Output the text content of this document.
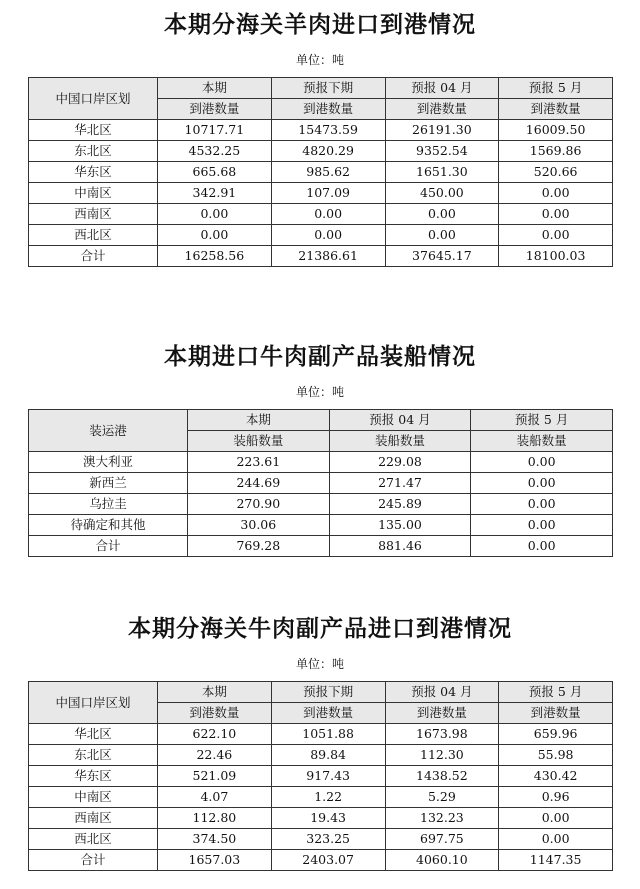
本期分海关羊肉进口到港情况
单位：吨
中国口岸区划	本期	预报下期	预报 04 月	预报 5 月
	到港数量	到港数量	到港数量	到港数量
华北区	10717.71	15473.59	26191.30	16009.50
东北区	4532.25	4820.29	9352.54	1569.86
华东区	665.68	985.62	1651.30	520.66
中南区	342.91	107.09	450.00	0.00
西南区	0.00	0.00	0.00	0.00
西北区	0.00	0.00	0.00	0.00
合计	16258.56	21386.61	37645.17	18100.03
本期进口牛肉副产品装船情况
单位：吨
装运港	本期	预报 04 月	预报 5 月
	装船数量	装船数量	装船数量
澳大利亚	223.61	229.08	0.00
新西兰	244.69	271.47	0.00
乌拉圭	270.90	245.89	0.00
待确定和其他	30.06	135.00	0.00
合计	769.28	881.46	0.00
本期分海关牛肉副产品进口到港情况
单位：吨
中国口岸区划	本期	预报下期	预报 04 月	预报 5 月
	到港数量	到港数量	到港数量	到港数量
华北区	622.10	1051.88	1673.98	659.96
东北区	22.46	89.84	112.30	55.98
华东区	521.09	917.43	1438.52	430.42
中南区	4.07	1.22	5.29	0.96
西南区	112.80	19.43	132.23	0.00
西北区	374.50	323.25	697.75	0.00
合计	1657.03	2403.07	4060.10	1147.35
